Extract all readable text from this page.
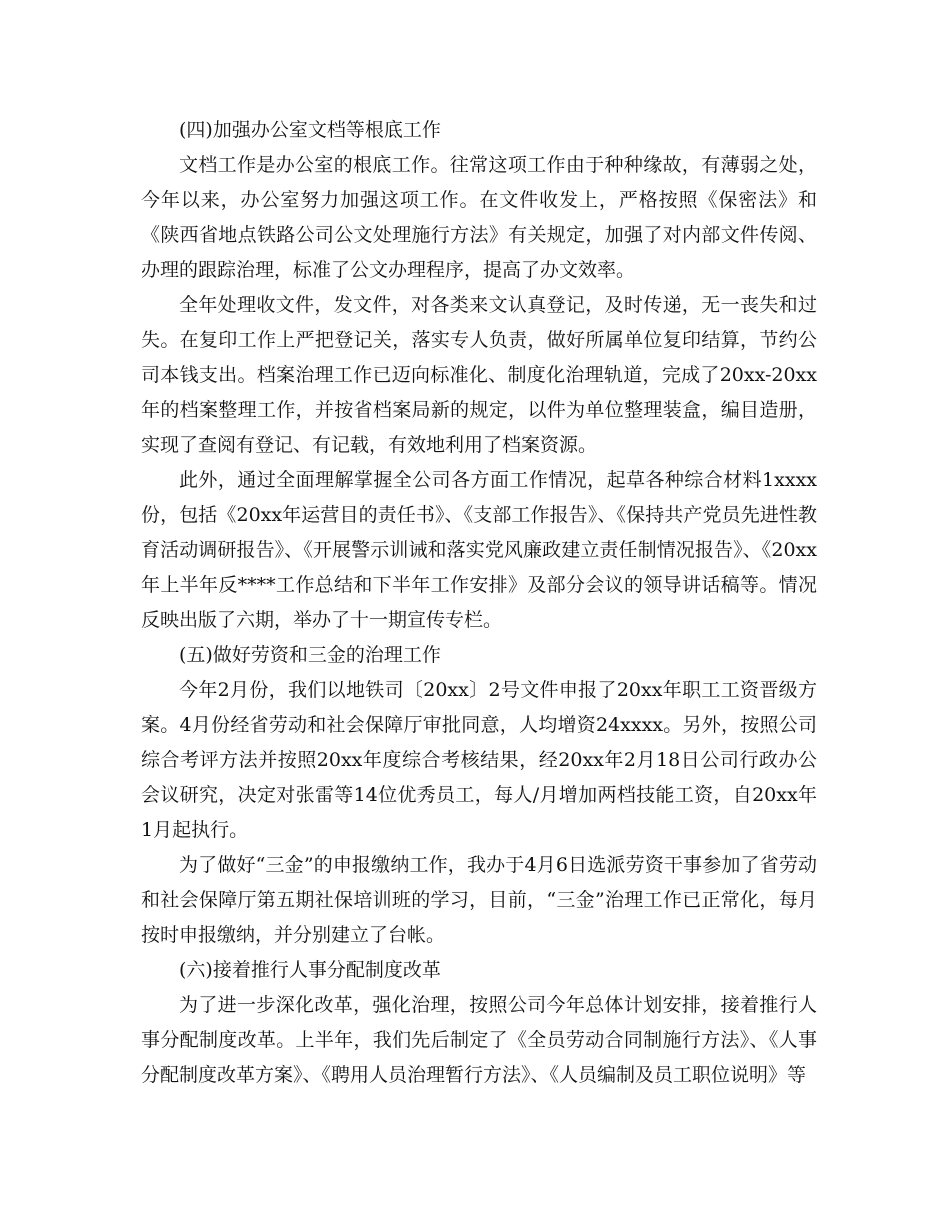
(四)加强办公室文档等根底工作

文档工作是办公室的根底工作。往常这项工作由于种种缘故，有薄弱之处，今年以来，办公室努力加强这项工作。在文件收发上，严格按照《保密法》和《陕西省地点铁路公司公文处理施行方法》有关规定，加强了对内部文件传阅、办理的跟踪治理，标准了公文办理程序，提高了办文效率。

全年处理收文件，发文件，对各类来文认真登记，及时传递，无一丧失和过失。在复印工作上严把登记关，落实专人负责，做好所属单位复印结算，节约公司本钱支出。档案治理工作已迈向标准化、制度化治理轨道，完成了20xx-20xx年的档案整理工作，并按省档案局新的规定，以件为单位整理装盒，编目造册，实现了查阅有登记、有记载，有效地利用了档案资源。

此外，通过全面理解掌握全公司各方面工作情况，起草各种综合材料1xxxx份，包括《20xx年运营目的责任书》、《支部工作报告》、《保持共产党员先进性教育活动调研报告》、《开展警示训诫和落实党风廉政建立责任制情况报告》、《20xx年上半年反****工作总结和下半年工作安排》及部分会议的领导讲话稿等。情况反映出版了六期，举办了十一期宣传专栏。

(五)做好劳资和三金的治理工作

今年2月份，我们以地铁司〔20xx〕2号文件申报了20xx年职工工资晋级方案。4月份经省劳动和社会保障厅审批同意，人均增资24xxxx。另外，按照公司综合考评方法并按照20xx年度综合考核结果，经20xx年2月18日公司行政办公会议研究，决定对张雷等14位优秀员工，每人/月增加两档技能工资，自20xx年1月起执行。

为了做好“三金”的申报缴纳工作，我办于4月6日选派劳资干事参加了省劳动和社会保障厅第五期社保培训班的学习，目前，“三金”治理工作已正常化，每月按时申报缴纳，并分别建立了台帐。

(六)接着推行人事分配制度改革

为了进一步深化改革，强化治理，按照公司今年总体计划安排，接着推行人事分配制度改革。上半年，我们先后制定了《全员劳动合同制施行方法》、《人事分配制度改革方案》、《聘用人员治理暂行方法》、《人员编制及员工职位说明》等
